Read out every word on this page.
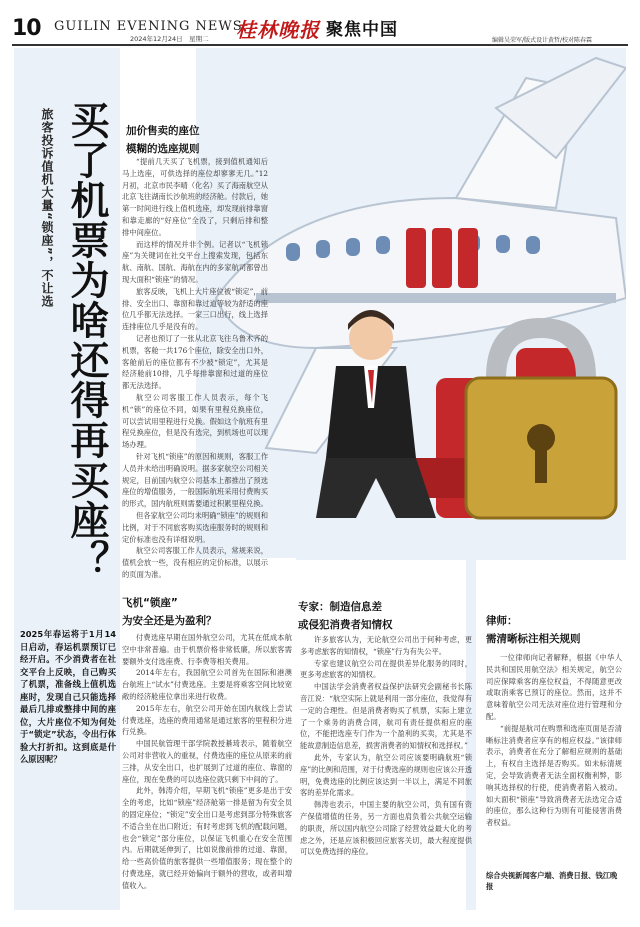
10 GUILIN EVENING NEWS
2024年12月24日　星期二 桂林晚报 聚焦中国
编辑吴荣军/版式设计黄哲/校对陈春霖
买了机票为啥还得再买座？
旅客投诉值机大量“锁座”，不让选
2025年春运将于1月14日启动，春运机票预订已经开启。不少消费者在社交平台上反映，自己购买了机票，准备线上值机选座时，发现自己只能选择最后几排或整排中间的座位，大片座位不知为何处于“锁定”状态，令出行体验大打折扣。这到底是什么原因呢？
加价售卖的座位
模糊的选座规则

“提前几天买了飞机票，接到值机通知后马上选座，可供选择的座位却寥寥无几。”12月初，北京市民李晴（化名）买了海南航空从北京飞往湖南长沙航班的经济舱。付款后，她第一时间进行线上值机选座，却发现前排靠窗和靠走廊的“好座位”全没了，只剩后排和整排中间座位。

而这样的情况并非个例。记者以“飞机锁座”为关键词在社交平台上搜索发现，包括东航、南航、国航、海航在内的多家航司都曾出现大面积“锁座”的情况。

旅客反映，飞机上大片座位被“锁定”，前排、安全出口、靠窗和靠过道等较为舒适的座位几乎都无法选择。一家三口出行，线上选择连排座位几乎是没有的。

记者也预订了一张从北京飞往乌鲁木齐的机票，客舱一共176个座位，除安全出口外，客舱前后的座位都有不少被“锁定”，尤其是经济舱前10排，几乎每排靠窗和过道的座位都无法选择。

航空公司客服工作人员表示，每个飞机“锁”的座位不同，如果有里程兑换座位，可以尝试用里程进行兑换。假如这个航班有里程兑换座位，但是没有选完，到机场也可以现场办理。

针对飞机“锁座”的原因和规则，客服工作人员并未给出明确说明。据多家航空公司相关规定，目前国内航空公司基本上都推出了预选座位的增值服务，一般国际航班采用付费购买的形式，国内航班则需要通过积累里程兑换。

但各家航空公司均未明确“锁座”的规则和比例，对于不同旅客购买选座服务时的规则和定价标准也没有详细说明。

航空公司客服工作人员表示，常规来说，值机会放一些，没有相应的定价标准，以展示的页面为准。

飞机“锁座”
为安全还是为盈利？

付费选座早期在国外航空公司，尤其在低成本航空中非常普遍。由于机票价格非常低廉，所以旅客需要额外支付选座费、行李费等相关费用。

2014年左右，我国航空公司首先在国际和港澳台航班上“试水”付费选座。主要是将乘客空间比较宽敞的经济舱座位拿出来进行收费。

2015年左右，航空公司开始在国内航线上尝试付费选座，选座的费用通常是通过旅客的里程积分进行兑换。

中国民航管理干部学院教授綦琦表示，随着航空公司对非营收入的重视，付费选座的座位从原来的前三排，从安全出口，也扩展到了过道的座位、靠窗的座位，现在免费的可以选座位就只剩下中间的了。

此外，韩涛介绍，早期飞机“锁座”更多是出于安全的考虑，比如“锁座”经济舱第一排是留为有安全员的固定座位；“锁定”安全出口是考虑到部分特殊旅客不适合坐在出口附近；有时考虑到飞机的配载问题，也会“锁定”部分座位，以保证飞机重心在安全范围内。后期就延伸到了，比如说像前排的过道、靠窗，给一些高价值的旅客提供一些增值服务；现在整个的付费选座，就已经开始偏向于额外的营收，或者叫增值收入。

专家：制造信息差
或侵犯消费者知情权

许多旅客认为，无论航空公司出于何种考虑，更多考虑旅客的知情权，“锁座”行为有失公平。

专家也建议航空公司在提供差异化服务的同时，更多考虑旅客的知情权。

中国法学会消费者权益保护法研究会副秘书长陈音江说：“航空实际上就是利用一部分座位，我觉得有一定的合理性。但是消费者购买了机票，实际上建立了一个乘务的消费合同，航司有责任提供相应的座位，不能把选座专门作为一个盈利的买卖，尤其是不能故意制造信息差，损害消费者的知情权和选择权。”

此外，专家认为，航空公司应该要明确航班“锁座”的比例和范围，对于付费选座的规则也应该公开透明，免费选座的比例应该达到一半以上，满足不同旅客的差异化需求。

韩涛也表示，中国主要的航空公司，负有国有资产保值增值的任务，另一方面也肩负着公共航空运输的职责，所以国内航空公司除了经营效益最大化的考虑之外，还是应该积极回应旅客关切，最大程度提供可以免费选择的座位。

律师：
需清晰标注相关规则

一位律师向记者解释，根据《中华人民共和国民用航空法》相关规定，航空公司应保障乘客的座位权益，不得随意更改或取消乘客已预订的座位。然而，这并不意味着航空公司无法对座位进行管理和分配。

“前提是航司在购票和选座页面是否清晰标注消费者应享有的相应权益。”该律师表示，消费者在充分了解相应规则的基础上，有权自主选择是否购买。如未标清规定，会导致消费者无法全面权衡利弊，影响其选择权的行使，使消费者陷入被动。如大面积“锁座”导致消费者无法选定合适的座位，那么这种行为则有可能侵害消费者权益。

综合央视新闻客户端、消费日报、钱江晚报
